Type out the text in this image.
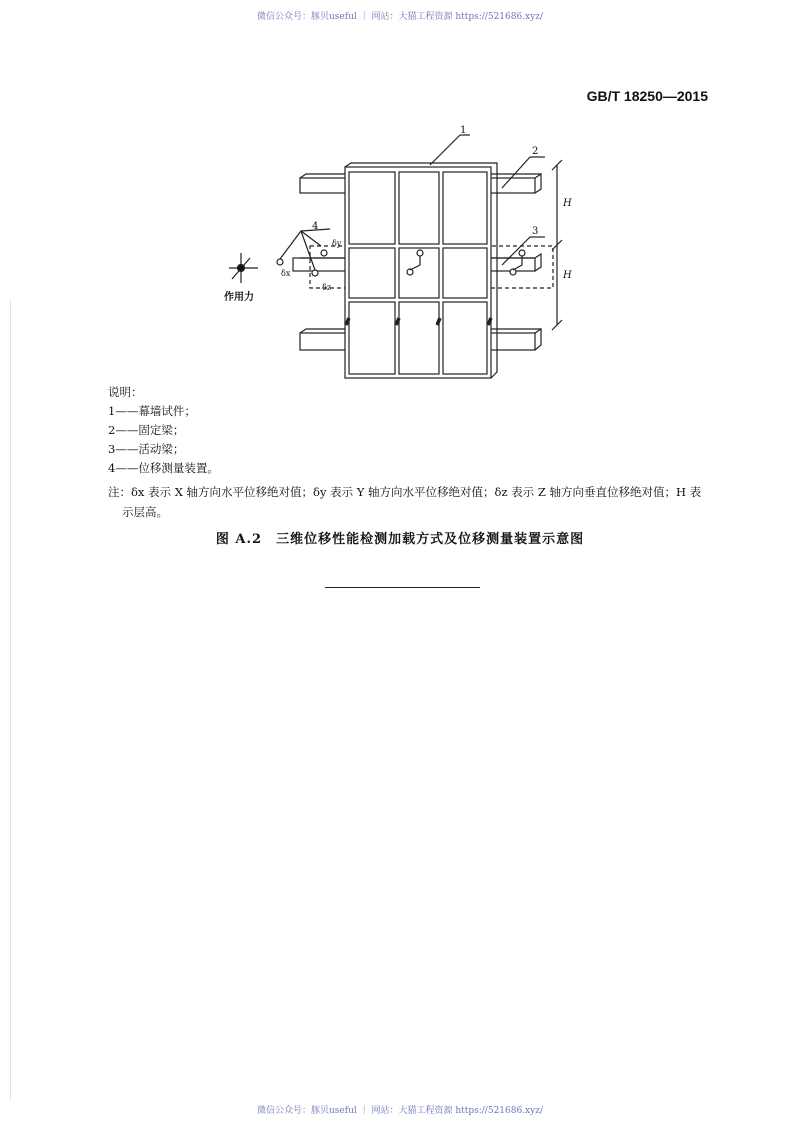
微信公众号：豚贝useful ｜ 网站：大猫工程资源 https://521686.xyz/
GB/T 18250—2015
1
2
3
4
H
H
作用力
δx
δy
δz
说明：
1——幕墙试件；
2——固定梁；
3——活动梁；
4——位移测量装置。
注：δx 表示 X 轴方向水平位移绝对值；δy 表示 Y 轴方向水平位移绝对值；δz 表示 Z 轴方向垂直位移绝对值；H 表
示层高。
图 A.2　三维位移性能检测加载方式及位移测量装置示意图
微信公众号：豚贝useful ｜ 网站：大猫工程资源 https://521686.xyz/
